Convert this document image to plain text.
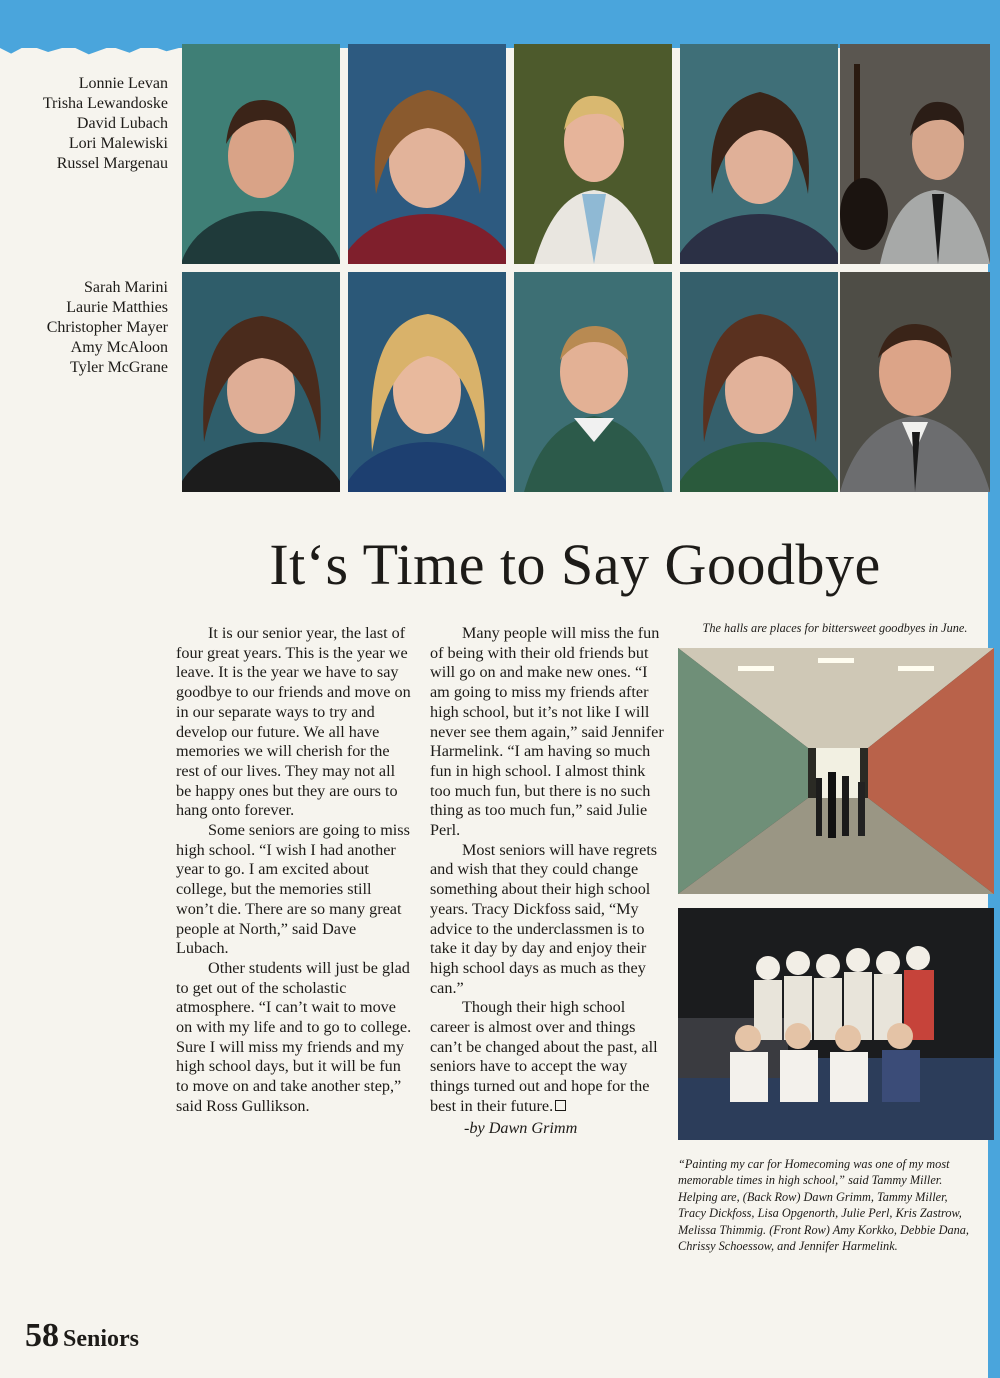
Lonnie Levan
Trisha Lewandoske
David Lubach
Lori Malewiski
Russel Margenau
Sarah Marini
Laurie Matthies
Christopher Mayer
Amy McAloon
Tyler McGrane
It‘s Time to Say Goodbye

It is our senior year, the last of four great years. This is the year we leave. It is the year we have to say goodbye to our friends and move on in our separate ways to try and develop our future. We all have memories we will cherish for the rest of our lives. They may not all be happy ones but they are ours to hang onto forever.

Some seniors are going to miss high school. “I wish I had another year to go. I am excited about college, but the memories still won’t die. There are so many great people at North,” said Dave Lubach.

Other students will just be glad to get out of the scholastic atmosphere. “I can’t wait to move on with my life and to go to college. Sure I will miss my friends and my high school days, but it will be fun to move on and take another step,” said Ross Gullikson.

Many people will miss the fun of being with their old friends but will go on and make new ones. “I am going to miss my friends after high school, but it’s not like I will never see them again,” said Jennifer Harmelink. “I am having so much fun in high school. I almost think too much fun, but there is no such thing as too much fun,” said Julie Perl.

Most seniors will have regrets and wish that they could change something about their high school years. Tracy Dickfoss said, “My advice to the underclassmen is to take it day by day and enjoy their high school days as much as they can.”

Though their high school career is almost over and things can’t be changed about the past, all seniors have to accept the way things turned out and hope for the best in their future.

-by Dawn Grimm

The halls are places for bittersweet goodbyes in June.
“Painting my car for Homecoming was one of my most memorable times in high school,” said Tammy Miller. Helping are, (Back Row) Dawn Grimm, Tammy Miller, Tracy Dickfoss, Lisa Opgenorth, Julie Perl, Kris Zastrow, Melissa Thimmig. (Front Row) Amy Korkko, Debbie Dana, Chrissy Schoessow, and Jennifer Harmelink.
58 Seniors
